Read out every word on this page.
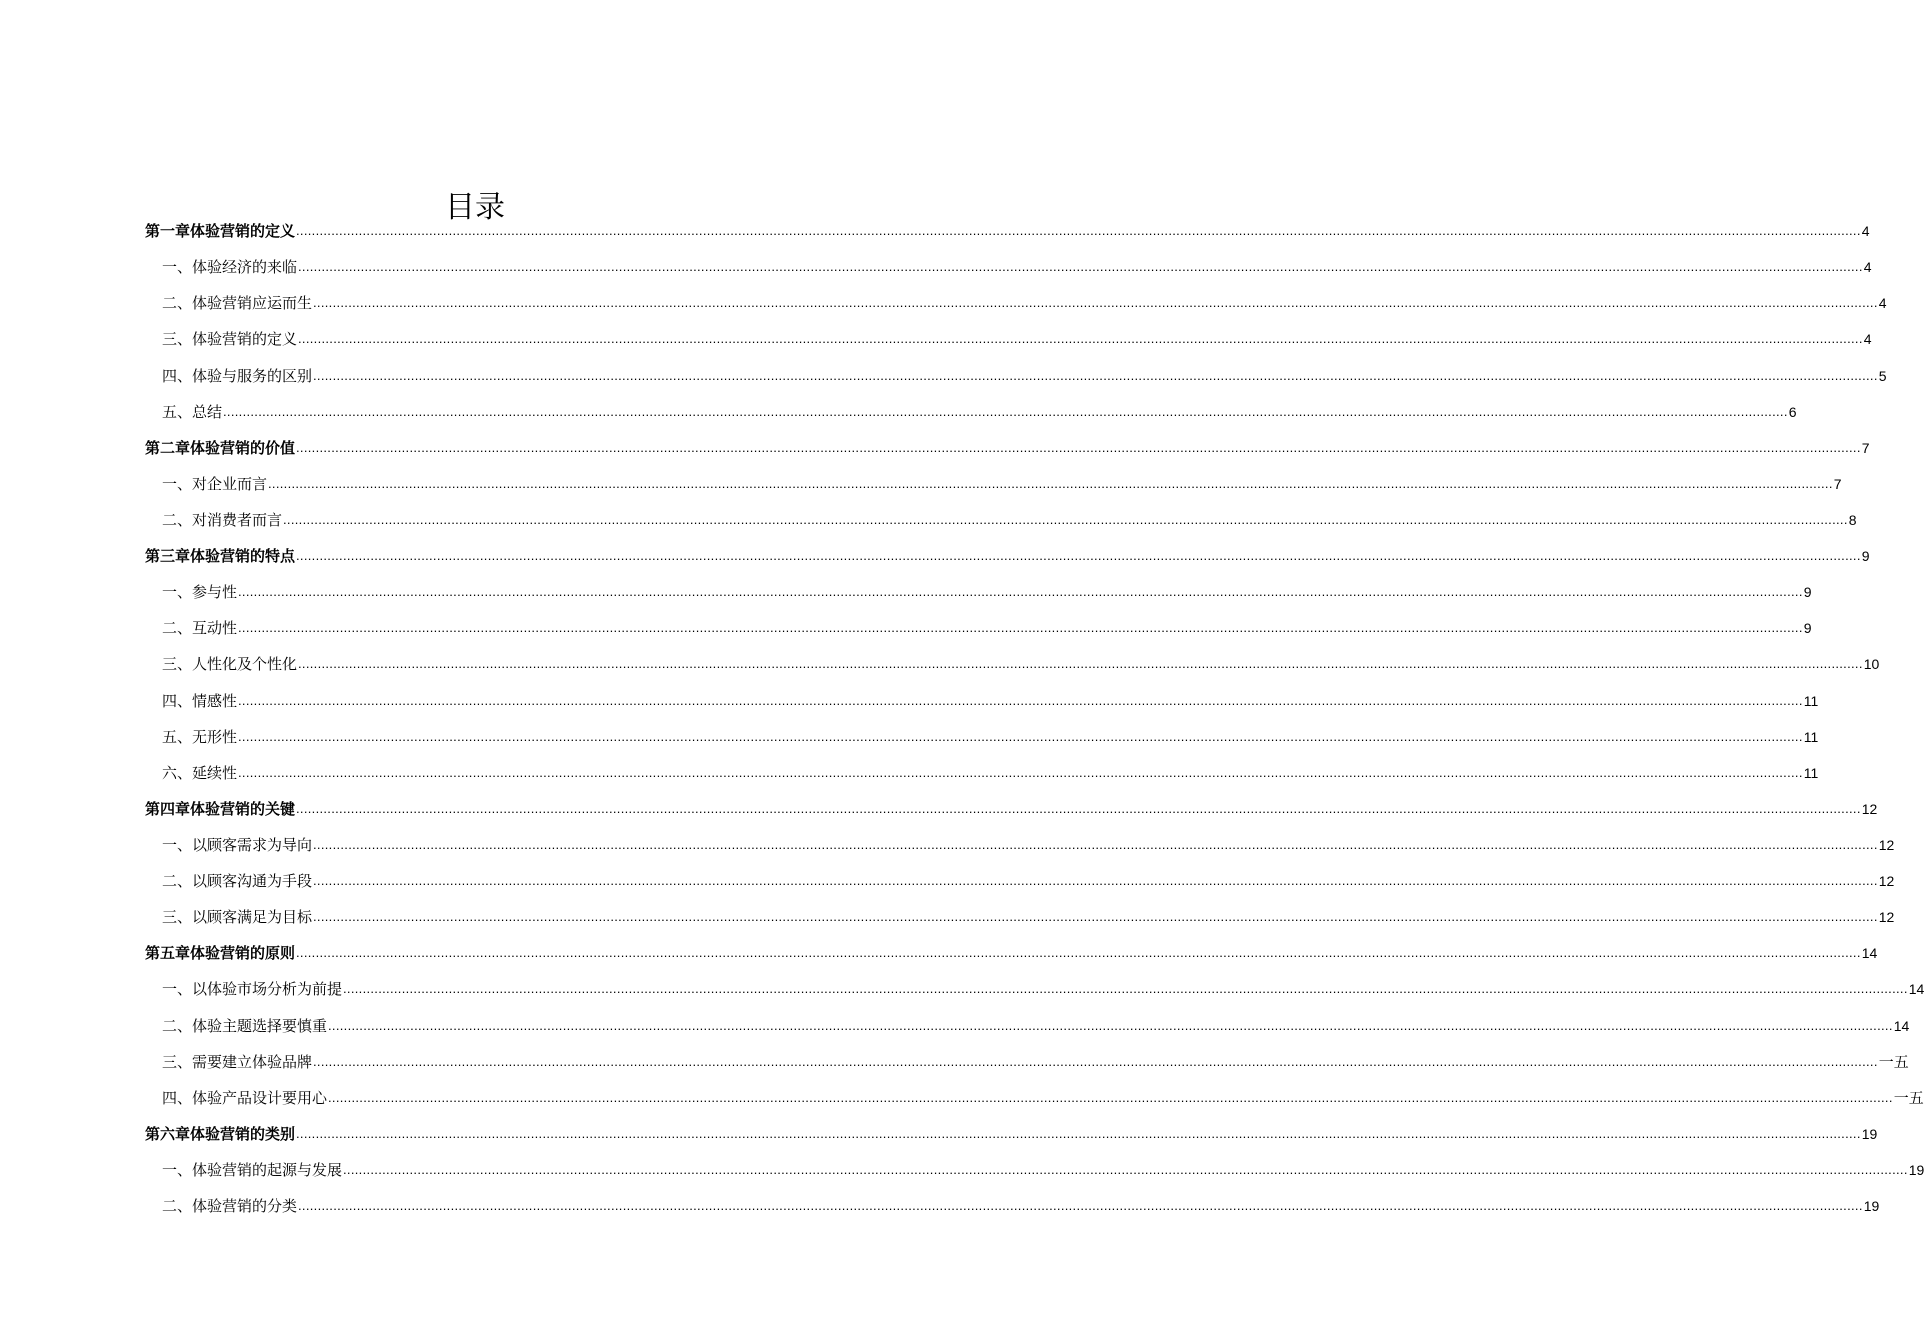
目录
第一章体验营销的定义 ................................................................................................................................................................................................................................................................................................................................................................................................................ 4
一、体验经济的来临 ................................................................................................................................................................................................................................................................................................................................................................................................................ 4
二、体验营销应运而生 ................................................................................................................................................................................................................................................................................................................................................................................................................ 4
三、体验营销的定义 ................................................................................................................................................................................................................................................................................................................................................................................................................ 4
四、体验与服务的区别 ................................................................................................................................................................................................................................................................................................................................................................................................................ 5
五、总结 ................................................................................................................................................................................................................................................................................................................................................................................................................ 6
第二章体验营销的价值 ................................................................................................................................................................................................................................................................................................................................................................................................................ 7
一、对企业而言 ................................................................................................................................................................................................................................................................................................................................................................................................................ 7
二、对消费者而言 ................................................................................................................................................................................................................................................................................................................................................................................................................ 8
第三章体验营销的特点 ................................................................................................................................................................................................................................................................................................................................................................................................................ 9
一、参与性 ................................................................................................................................................................................................................................................................................................................................................................................................................ 9
二、互动性 ................................................................................................................................................................................................................................................................................................................................................................................................................ 9
三、人性化及个性化 ................................................................................................................................................................................................................................................................................................................................................................................................................ 10
四、情感性 ................................................................................................................................................................................................................................................................................................................................................................................................................ 11
五、无形性 ................................................................................................................................................................................................................................................................................................................................................................................................................ 11
六、延续性 ................................................................................................................................................................................................................................................................................................................................................................................................................ 11
第四章体验营销的关键 ................................................................................................................................................................................................................................................................................................................................................................................................................ 12
一、以顾客需求为导向 ................................................................................................................................................................................................................................................................................................................................................................................................................ 12
二、以顾客沟通为手段 ................................................................................................................................................................................................................................................................................................................................................................................................................ 12
三、以顾客满足为目标 ................................................................................................................................................................................................................................................................................................................................................................................................................ 12
第五章体验营销的原则 ................................................................................................................................................................................................................................................................................................................................................................................................................ 14
一、以体验市场分析为前提 ................................................................................................................................................................................................................................................................................................................................................................................................................ 14
二、体验主题选择要慎重 ................................................................................................................................................................................................................................................................................................................................................................................................................ 14
三、需要建立体验品牌 ................................................................................................................................................................................................................................................................................................................................................................................................................ 一五
四、体验产品设计要用心 ................................................................................................................................................................................................................................................................................................................................................................................................................ 一五
第六章体验营销的类别 ................................................................................................................................................................................................................................................................................................................................................................................................................ 19
一、体验营销的起源与发展 ................................................................................................................................................................................................................................................................................................................................................................................................................ 19
二、体验营销的分类 ................................................................................................................................................................................................................................................................................................................................................................................................................ 19
